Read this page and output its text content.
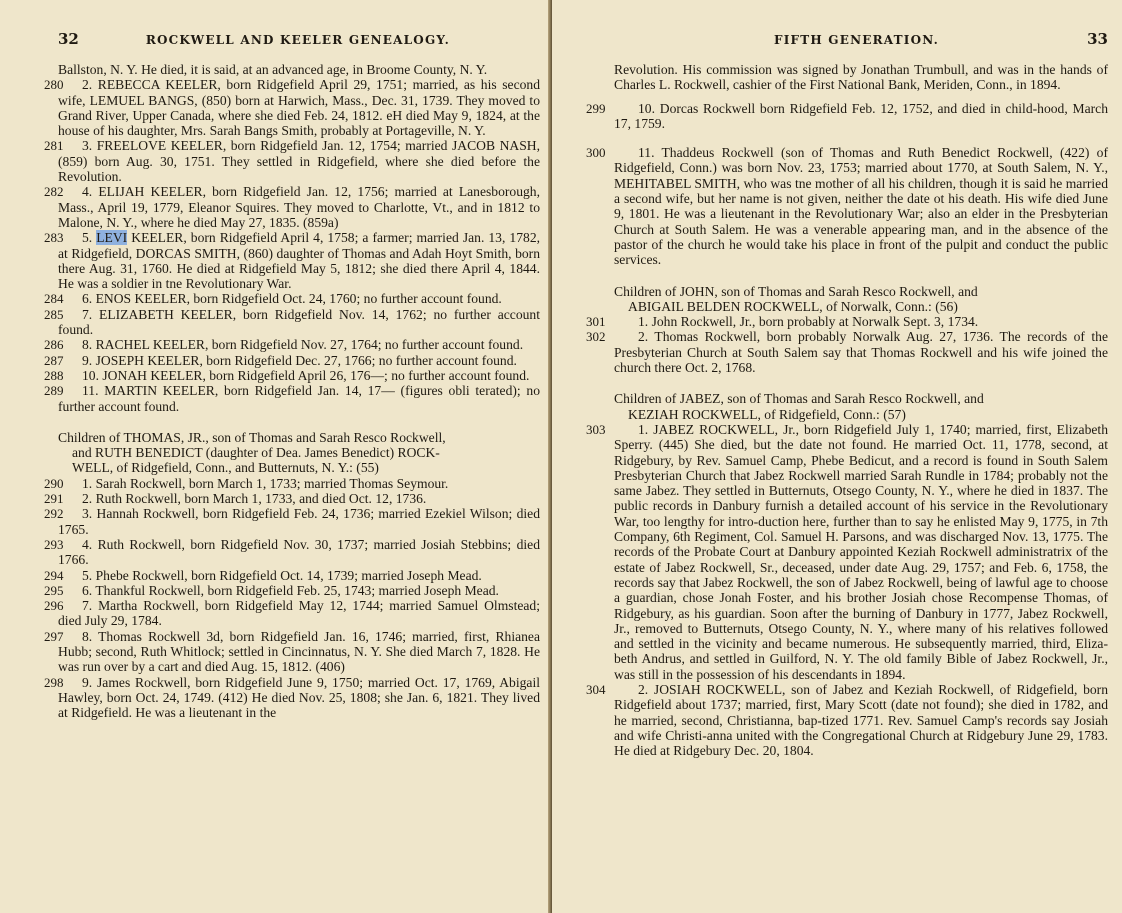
32	ROCKWELL AND KEELER GENEALOGY.

Ballston, N. Y. He died, it is said, at an advanced age, in Broome County, N. Y.

280 2. REBECCA KEELER, born Ridgefield April 29, 1751; married, as his second wife, LEMUEL BANGS, (850) born at Harwich, Mass., Dec. 31, 1739. They moved to Grand River, Upper Canada, where she died Feb. 24, 1812. eH died May 9, 1824, at the house of his daughter, Mrs. Sarah Bangs Smith, probably at Portageville, N. Y.

281 3. FREELOVE KEELER, born Ridgefield Jan. 12, 1754; married JACOB NASH, (859) born Aug. 30, 1751. They settled in Ridgefield, where she died before the Revolution.

282 4. ELIJAH KEELER, born Ridgefield Jan. 12, 1756; married at Lanesborough, Mass., April 19, 1779, Eleanor Squires. They moved to Charlotte, Vt., and in 1812 to Malone, N. Y., where he died May 27, 1835. (859a)

283 5. LEVI KEELER, born Ridgefield April 4, 1758; a farmer; married Jan. 13, 1782, at Ridgefield, DORCAS SMITH, (860) daughter of Thomas and Adah Hoyt Smith, born there Aug. 31, 1760. He died at Ridgefield May 5, 1812; she died there April 4, 1844. He was a soldier in tne Revolutionary War.

284 6. ENOS KEELER, born Ridgefield Oct. 24, 1760; no further account found.

285 7. ELIZABETH KEELER, born Ridgefield Nov. 14, 1762; no further account found.

286 8. RACHEL KEELER, born Ridgefield Nov. 27, 1764; no further account found.

287 9. JOSEPH KEELER, born Ridgefield Dec. 27, 1766; no further account found.

288 10. JONAH KEELER, born Ridgefield April 26, 176—; no further account found.

289 11. MARTIN KEELER, born Ridgefield Jan. 14, 17— (figures obli terated); no further account found.

Children of THOMAS, JR., son of Thomas and Sarah Resco Rockwell,
and RUTH BENEDICT (daughter of Dea. James Benedict) ROCK-
WELL, of Ridgefield, Conn., and Butternuts, N. Y.: (55)

290 1. Sarah Rockwell, born March 1, 1733; married Thomas Seymour.

291 2. Ruth Rockwell, born March 1, 1733, and died Oct. 12, 1736.

292 3. Hannah Rockwell, born Ridgefield Feb. 24, 1736; married Ezekiel Wilson; died 1765.

293 4. Ruth Rockwell, born Ridgefield Nov. 30, 1737; married Josiah Stebbins; died 1766.

294 5. Phebe Rockwell, born Ridgefield Oct. 14, 1739; married Joseph Mead.

295 6. Thankful Rockwell, born Ridgefield Feb. 25, 1743; married Joseph Mead.

296 7. Martha Rockwell, born Ridgefield May 12, 1744; married Samuel Olmstead; died July 29, 1784.

297 8. Thomas Rockwell 3d, born Ridgefield Jan. 16, 1746; married, first, Rhianea Hubb; second, Ruth Whitlock; settled in Cincinnatus, N. Y. She died March 7, 1828. He was run over by a cart and died Aug. 15, 1812. (406)

298 9. James Rockwell, born Ridgefield June 9, 1750; married Oct. 17, 1769, Abigail Hawley, born Oct. 24, 1749. (412) He died Nov. 25, 1808; she Jan. 6, 1821. They lived at Ridgefield. He was a lieutenant in the

FIFTH GENERATION.	33

Revolution. His commission was signed by Jonathan Trumbull, and was in the hands of Charles L. Rockwell, cashier of the First National Bank, Meriden, Conn., in 1894.

299 10. Dorcas Rockwell born Ridgefield Feb. 12, 1752, and died in child-hood, March 17, 1759.

300 11. Thaddeus Rockwell (son of Thomas and Ruth Benedict Rockwell, (422) of Ridgefield, Conn.) was born Nov. 23, 1753; married about 1770, at South Salem, N. Y., MEHITABEL SMITH, who was tne mother of all his children, though it is said he married a second wife, but her name is not given, neither the date ot his death. His wife died June 9, 1801. He was a lieutenant in the Revolutionary War; also an elder in the Presbyterian Church at South Salem. He was a venerable appearing man, and in the absence of the pastor of the church he would take his place in front of the pulpit and conduct the public services.

Children of JOHN, son of Thomas and Sarah Resco Rockwell, and
ABIGAIL BELDEN ROCKWELL, of Norwalk, Conn.: (56)

301 1. John Rockwell, Jr., born probably at Norwalk Sept. 3, 1734.

302 2. Thomas Rockwell, born probably Norwalk Aug. 27, 1736. The records of the Presbyterian Church at South Salem say that Thomas Rockwell and his wife joined the church there Oct. 2, 1768.

Children of JABEZ, son of Thomas and Sarah Resco Rockwell, and
KEZIAH ROCKWELL, of Ridgefield, Conn.: (57)

303 1. JABEZ ROCKWELL, Jr., born Ridgefield July 1, 1740; married, first, Elizabeth Sperry. (445) She died, but the date not found. He married Oct. 11, 1778, second, at Ridgebury, by Rev. Samuel Camp, Phebe Bedicut, and a record is found in South Salem Presbyterian Church that Jabez Rockwell married Sarah Rundle in 1784; probably not the same Jabez. They settled in Butternuts, Otsego County, N. Y., where he died in 1837. The public records in Danbury furnish a detailed account of his service in the Revolutionary War, too lengthy for intro-duction here, further than to say he enlisted May 9, 1775, in 7th Company, 6th Regiment, Col. Samuel H. Parsons, and was discharged Nov. 13, 1775. The records of the Probate Court at Danbury appointed Keziah Rockwell administratrix of the estate of Jabez Rockwell, Sr., deceased, under date Aug. 29, 1757; and Feb. 6, 1758, the records say that Jabez Rockwell, the son of Jabez Rockwell, being of lawful age to choose a guardian, chose Jonah Foster, and his brother Josiah chose Recompense Thomas, of Ridgebury, as his guardian. Soon after the burning of Danbury in 1777, Jabez Rockwell, Jr., removed to Butternuts, Otsego County, N. Y., where many of his relatives followed and settled in the vicinity and became numerous. He subsequently married, third, Eliza-beth Andrus, and settled in Guilford, N. Y. The old family Bible of Jabez Rockwell, Jr., was still in the possession of his descendants in 1894.

304 2. JOSIAH ROCKWELL, son of Jabez and Keziah Rockwell, of Ridgefield, born Ridgefield about 1737; married, first, Mary Scott (date not found); she died in 1782, and he married, second, Christianna, bap-tized 1771. Rev. Samuel Camp's records say Josiah and wife Christi-anna united with the Congregational Church at Ridgebury June 29, 1783. He died at Ridgebury Dec. 20, 1804.
